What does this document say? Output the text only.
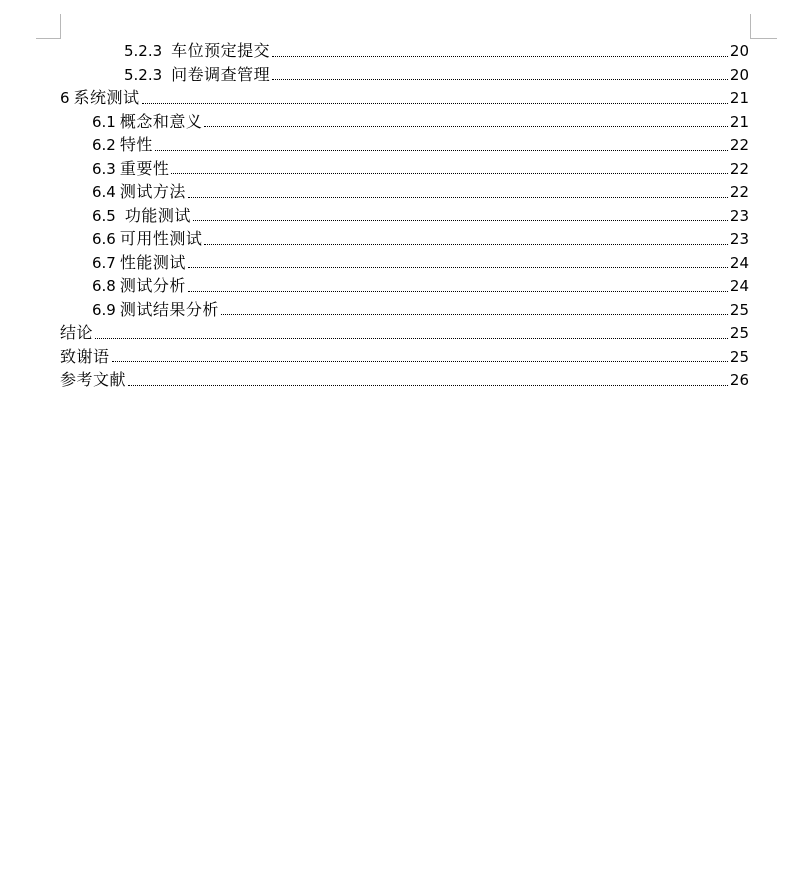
5.2.3 车位预定提交	20
5.2.3 问卷调查管理	20
6 系统测试	21
6.1 概念和意义	21
6.2 特性	22
6.3 重要性	22
6.4 测试方法	22
6.5 功能测试	23
6.6 可用性测试	23
6.7 性能测试	24
6.8 测试分析	24
6.9 测试结果分析	25
结论	25
致谢语	25
参考文献	26
